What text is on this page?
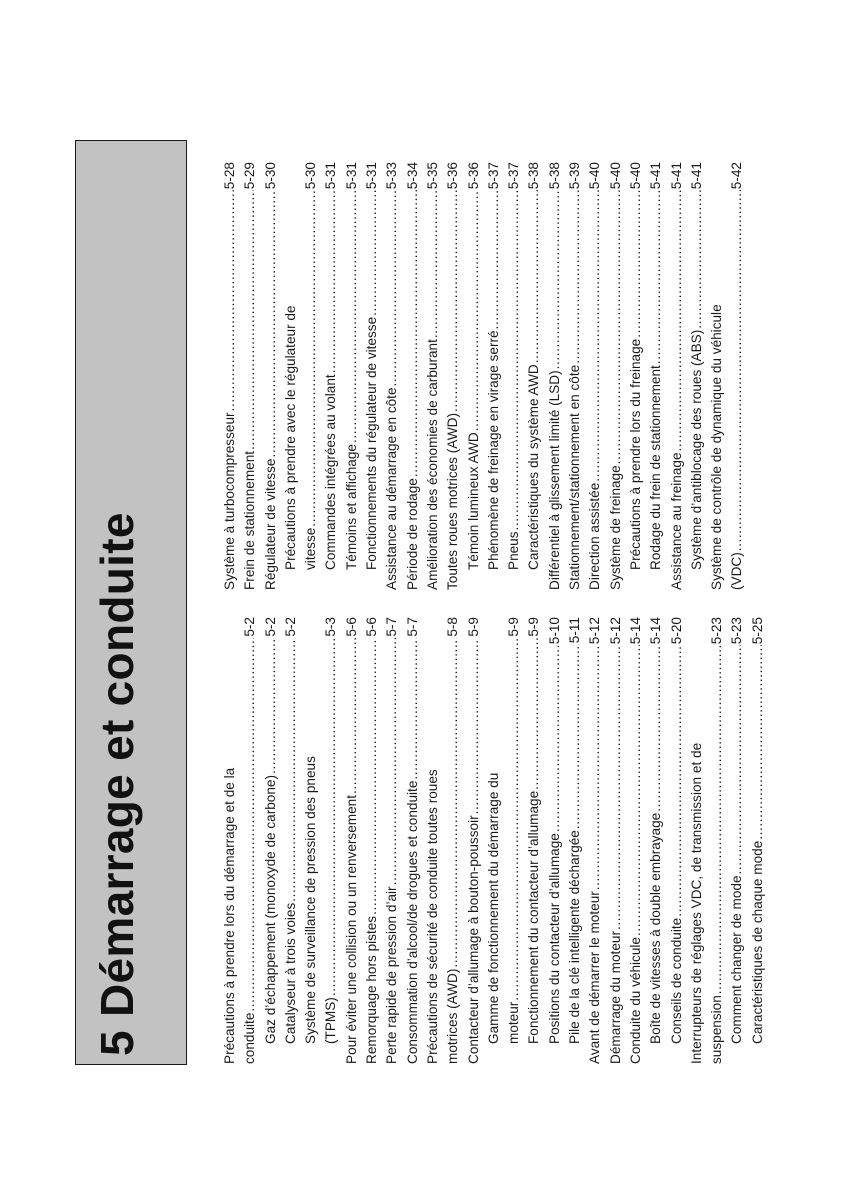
5 Démarrage et conduite	Précautions à prendre lors du démarrage et de la conduite
.....
5-2
Gaz d’échappement (monoxyde de carbone)
.....
5-2
Catalyseur à trois voies
.....
5-2
Système de surveillance de pression des pneus (TPMS)
.....
5-3
Pour éviter une collision ou un renversement
.....
5-6
Remorquage hors pistes
.....
5-6
Perte rapide de pression d’air
.....
5-7
Consommation d’alcool/de drogues et conduite
.....
5-7
Précautions de sécurité de conduite toutes roues motrices (AWD)
.....
5-8
Contacteur d’allumage à bouton-poussoir
.....
5-9
Gamme de fonctionnement du démarrage du moteur
.....
5-9
Fonctionnement du contacteur d’allumage
.....
5-9
Positions du contacteur d’allumage
.....
5-10
Pile de la clé intelligente déchargée
.....
5-11
Avant de démarrer le moteur
.....
5-12
Démarrage du moteur
.....
5-12
Conduite du véhicule
.....
5-14
Boîte de vitesses à double embrayage
.....
5-14
Conseils de conduite
.....
5-20
Interrupteurs de réglages VDC, de transmission et de suspension
.....
5-23
Comment changer de mode
.....
5-23
Caractéristiques de chaque mode
.....
5-25
Système à turbocompresseur
.....
5-28
Frein de stationnement
.....
5-29
Régulateur de vitesse
.....
5-30
Précautions à prendre avec le régulateur de vitesse
.....
5-30
Commandes intégrées au volant
.....
5-31
Témoins et affichage
.....
5-31
Fonctionnements du régulateur de vitesse
.....
5-31
Assistance au démarrage en côte
.....
5-33
Période de rodage
.....
5-34
Amélioration des économies de carburant
.....
5-35
Toutes roues motrices (AWD)
.....
5-36
Témoin lumineux AWD
.....
5-36
Phénomène de freinage en virage serré
.....
5-37
Pneus
.....
5-37
Caractéristiques du système AWD
.....
5-38
Différentiel à glissement limité (LSD)
.....
5-38
Stationnement/stationnement en côte
.....
5-39
Direction assistée
.....
5-40
Système de freinage
.....
5-40
Précautions à prendre lors du freinage
.....
5-40
Rodage du frein de stationnement
.....
5-41
Assistance au freinage
.....
5-41
Système d’antiblocage des roues (ABS)
.....
5-41
Système de contrôle de dynamique du véhicule (VDC)
.....
5-42
